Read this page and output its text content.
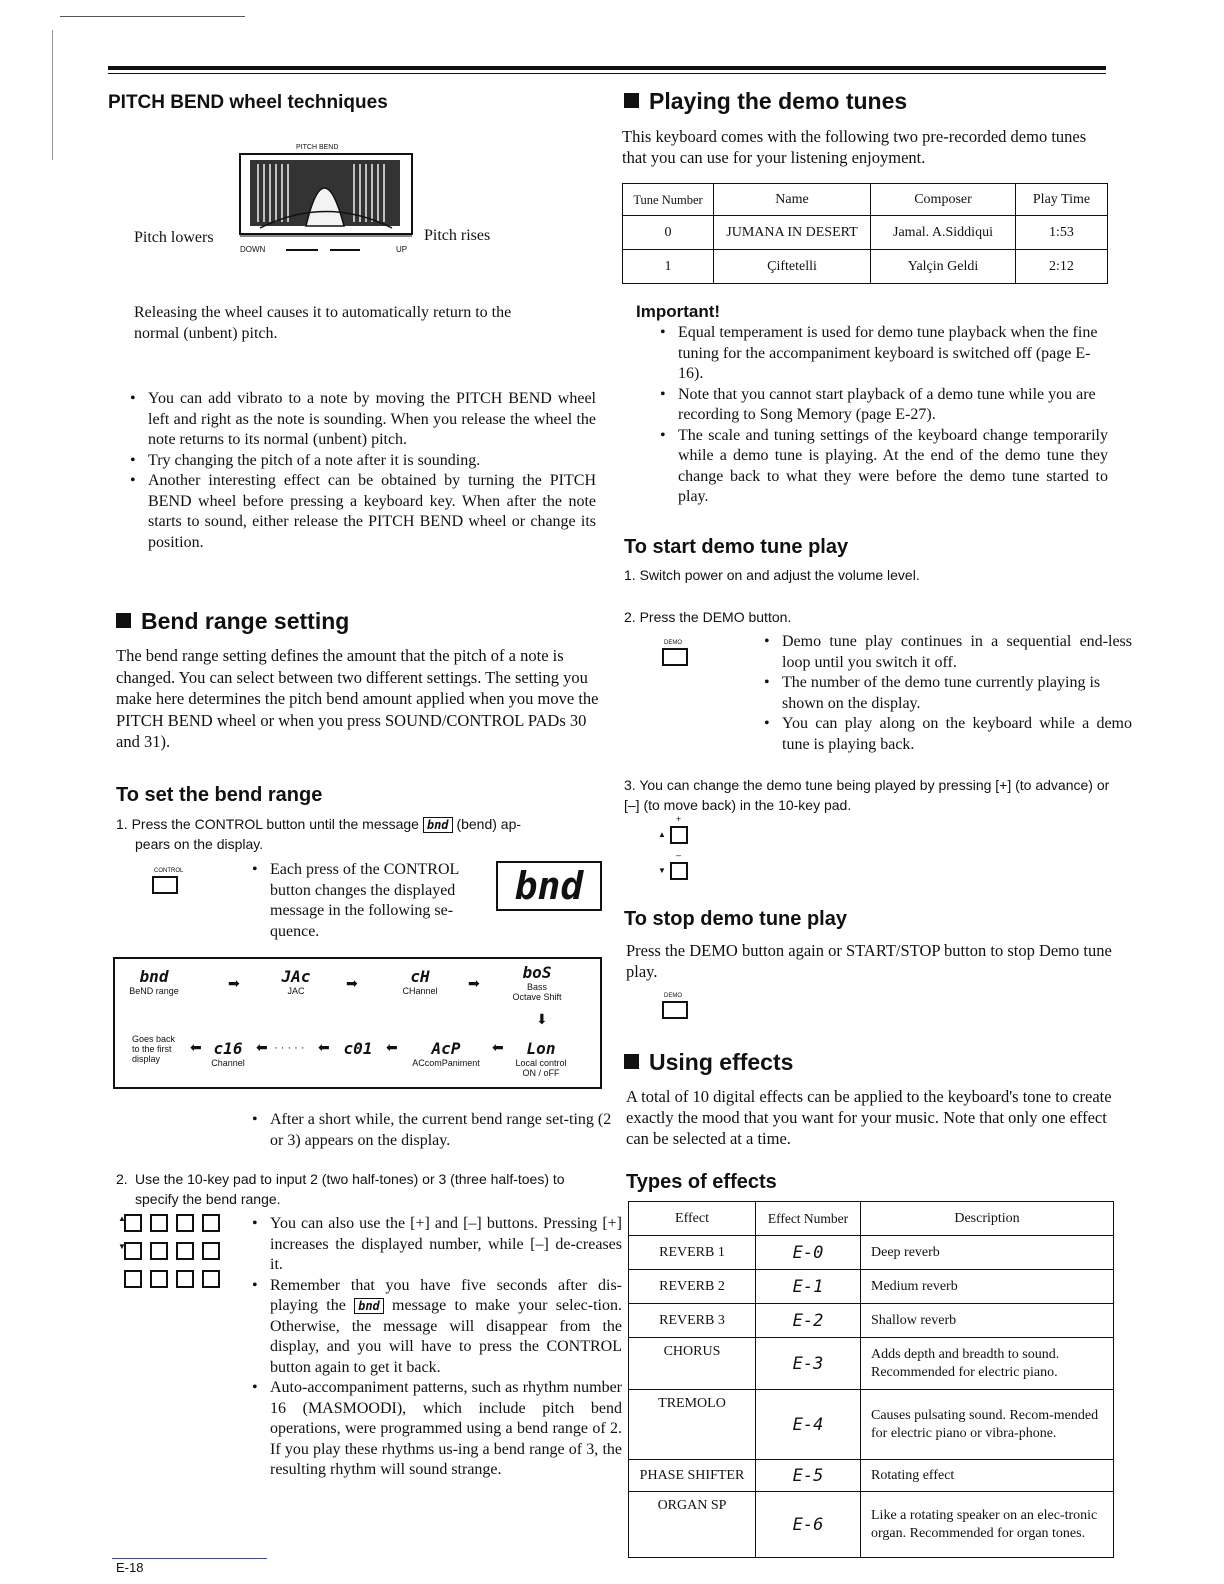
PITCH BEND wheel techniques
PITCH BEND
Pitch lowers	Pitch rises
DOWN	UP
Releasing the wheel causes it to automatically return to the normal (unbent) pitch.
• You can add vibrato to a note by moving the PITCH BEND wheel left and right as the note is sounding. When you release the wheel the note returns to its normal (unbent) pitch.
• Try changing the pitch of a note after it is sounding.
• Another interesting effect can be obtained by turning the PITCH BEND wheel before pressing a keyboard key. When after the note starts to sound, either release the PITCH BEND wheel or change its position.
Bend range setting
The bend range setting defines the amount that the pitch of a note is changed. You can select between two different settings. The setting you make here determines the pitch bend amount applied when you move the PITCH BEND wheel or when you press SOUND/CONTROL PADs 30 and 31).
To set the bend range
1. Press the CONTROL button until the message bnd (bend) ap-
pears on the display.
CONTROL	• Each press of the CONTROL button changes the displayed message in the following se-quence.
bnd
bnd
BeND range	➡	JAc
JAC	➡	cH
CHannel	➡
boS
Bass Octave Shift
⬇
Goes back to the first display
⬅ c16
Channel
⬅ · · · · · ⬅ c01 ⬅	AcP
ACcomPaniment
⬅	Lon
Local control ON / oFF
• After a short while, the current bend range set-ting (2 or 3) appears on the display.
2. Use the 10-key pad to input 2 (two half-tones) or 3 (three half-toes) to specify the bend range.
▲
▼
• You can also use the [+] and [–] buttons. Pressing [+] increases the displayed number, while [–] de-creases it.
• Remember that you have five seconds after dis-playing the bnd message to make your selec-tion. Otherwise, the message will disappear from the display, and you will have to press the CONTROL button again to get it back.
• Auto-accompaniment patterns, such as rhythm number 16 (MASMOODI), which include pitch bend operations, were programmed using a bend range of 2. If you play these rhythms us-ing a bend range of 3, the resulting rhythm will sound strange.
E-18
Playing the demo tunes
This keyboard comes with the following two pre-recorded demo tunes that you can use for your listening enjoyment.
Tune Number	Name	Composer	Play Time
0	JUMANA IN DESERT	Jamal. A.Siddiqui	1:53
1	Çiftetelli	Yalçin Geldi	2:12
Important!
• Equal temperament is used for demo tune playback when the fine tuning for the accompaniment keyboard is switched off (page E-16).
• Note that you cannot start playback of a demo tune while you are recording to Song Memory (page E-27).
• The scale and tuning settings of the keyboard change temporarily while a demo tune is playing. At the end of the demo tune they change back to what they were before the demo tune started to play.
To start demo tune play
1. Switch power on and adjust the volume level.
2. Press the DEMO button.
DEMO	• Demo tune play continues in a sequential end-less loop until you switch it off.
• The number of the demo tune currently playing is shown on the display.
• You can play along on the keyboard while a demo tune is playing back.
3. You can change the demo tune being played by pressing [+] (to advance) or [–] (to move back) in the 10-key pad.
+
▲
–
▼
To stop demo tune play
Press the DEMO button again or START/STOP button to stop Demo tune play.
DEMO
Using effects
A total of 10 digital effects can be applied to the keyboard's tone to create exactly the mood that you want for your music. Note that only one effect can be selected at a time.
Types of effects
Effect	Effect Number	Description
REVERB 1	E-0	Deep reverb
REVERB 2	E-1	Medium reverb
REVERB 3	E-2	Shallow reverb
CHORUS	E-3	Adds depth and breadth to sound. Recommended for electric piano.
TREMOLO	E-4	Causes pulsating sound. Recom-mended for electric piano or vibra-phone.
PHASE SHIFTER	E-5	Rotating effect
ORGAN SP	E-6	Like a rotating speaker on an elec-tronic organ. Recommended for organ tones.
